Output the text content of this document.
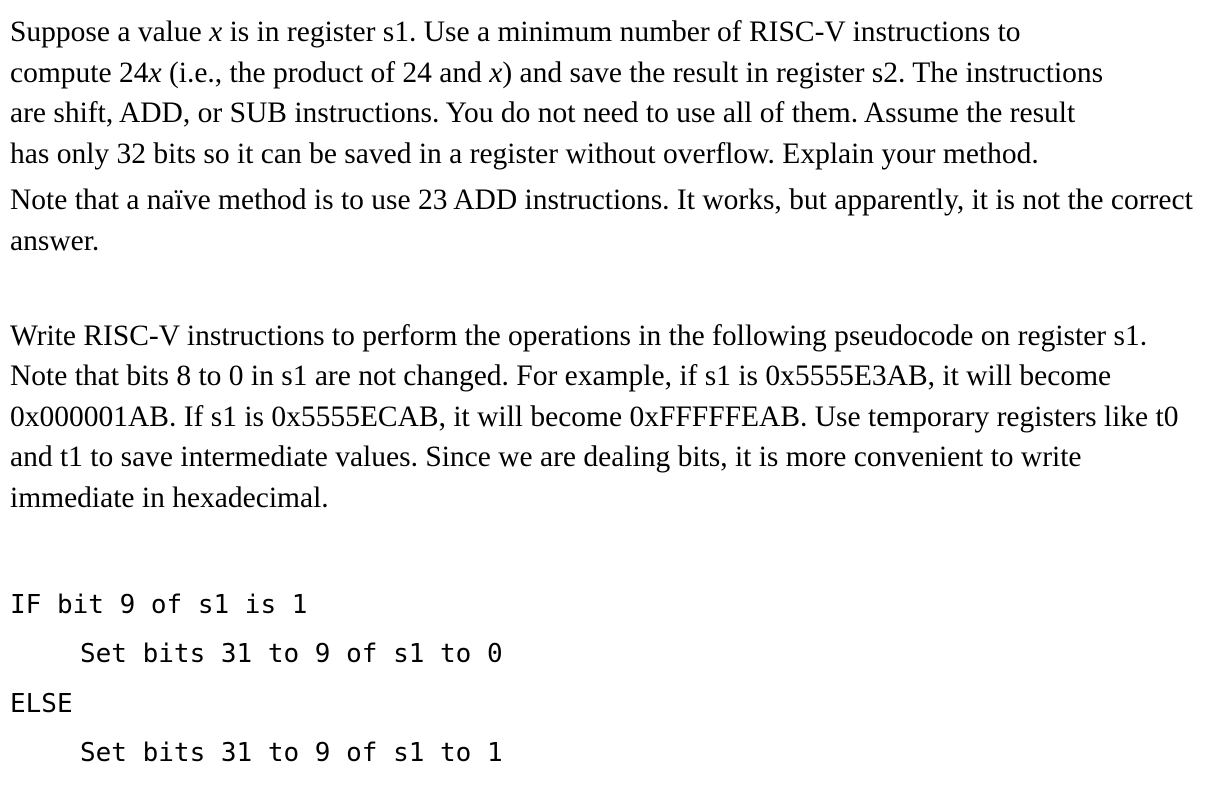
Suppose a value x is in register s1. Use a minimum number of RISC-V instructions to
compute 24x (i.e., the product of 24 and x) and save the result in register s2. The instructions
are shift, ADD, or SUB instructions. You do not need to use all of them. Assume the result
has only 32 bits so it can be saved in a register without overflow. Explain your method.

Note that a naïve method is to use 23 ADD instructions. It works, but apparently, it is not the correct answer.

Write RISC-V instructions to perform the operations in the following pseudocode on register s1. Note that bits 8 to 0 in s1 are not changed. For example, if s1 is 0x5555E3AB, it will become 0x000001AB. If s1 is 0x5555ECAB, it will become 0xFFFFFEAB. Use temporary registers like t0 and t1 to save intermediate values. Since we are dealing bits, it is more convenient to write immediate in hexadecimal.

IF bit 9 of s1 is 1
Set bits 31 to 9 of s1 to 0
ELSE
Set bits 31 to 9 of s1 to 1
